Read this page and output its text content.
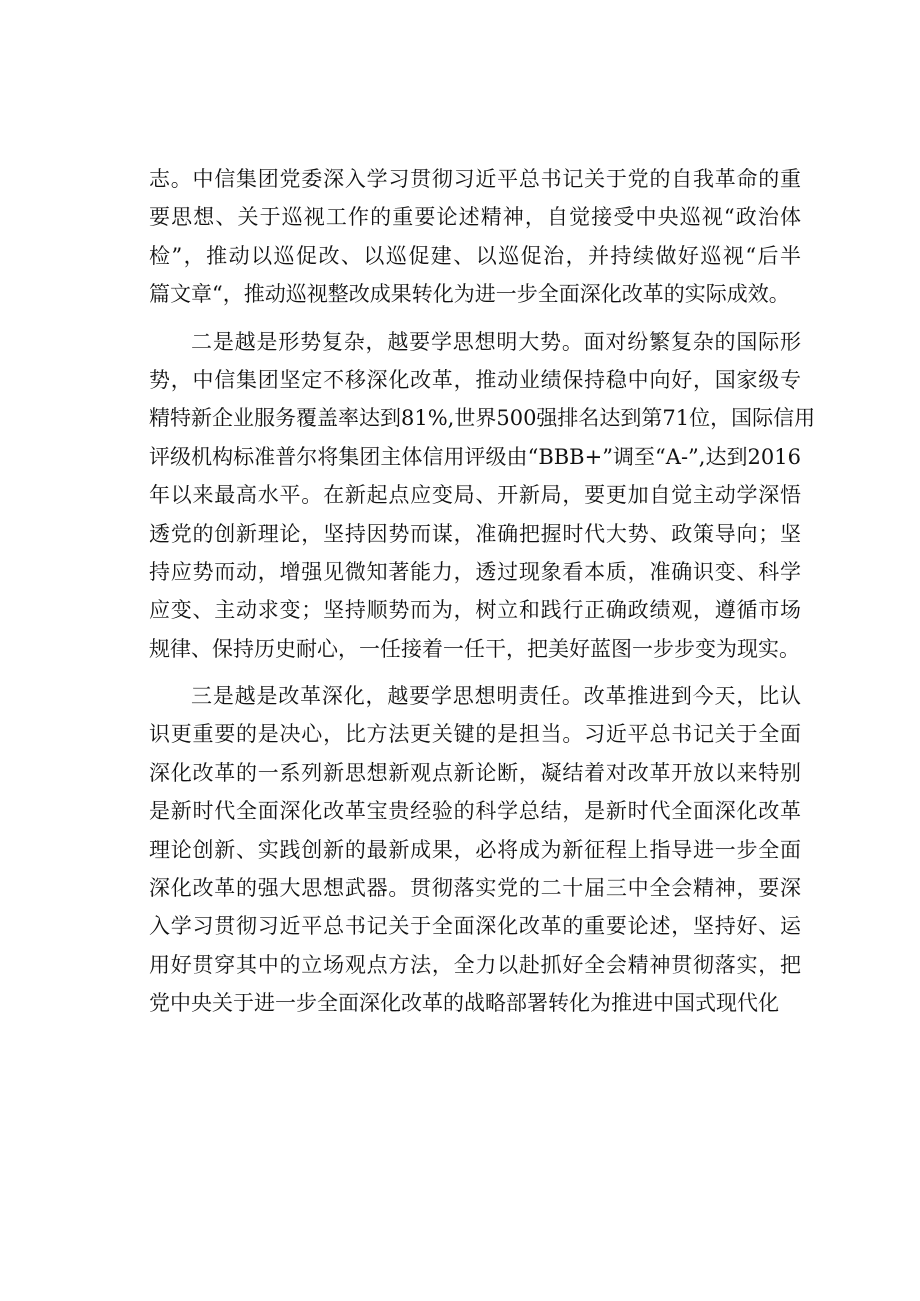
志。中信集团党委深入学习贯彻习近平总书记关于党的自我革命的重
要思想、关于巡视工作的重要论述精神，自觉接受中央巡视“政治体
检”，推动以巡促改、以巡促建、以巡促治，并持续做好巡视“后半
篇文章“，推动巡视整改成果转化为进一步全面深化改革的实际成效。
二是越是形势复杂，越要学思想明大势。面对纷繁复杂的国际形
势，中信集团坚定不移深化改革，推动业绩保持稳中向好，国家级专
精特新企业服务覆盖率达到81%,世界500强排名达到第71位，国际信用
评级机构标准普尔将集团主体信用评级由“BBB+”调至“A-”,达到2016
年以来最高水平。在新起点应变局、开新局，要更加自觉主动学深悟
透党的创新理论，坚持因势而谋，准确把握时代大势、政策导向；坚
持应势而动，增强见微知著能力，透过现象看本质，准确识变、科学
应变、主动求变；坚持顺势而为，树立和践行正确政绩观，遵循市场
规律、保持历史耐心，一任接着一任干，把美好蓝图一步步变为现实。
三是越是改革深化，越要学思想明责任。改革推进到今天，比认
识更重要的是决心，比方法更关键的是担当。习近平总书记关于全面
深化改革的一系列新思想新观点新论断，凝结着对改革开放以来特别
是新时代全面深化改革宝贵经验的科学总结，是新时代全面深化改革
理论创新、实践创新的最新成果，必将成为新征程上指导进一步全面
深化改革的强大思想武器。贯彻落实党的二十届三中全会精神，要深
入学习贯彻习近平总书记关于全面深化改革的重要论述，坚持好、运
用好贯穿其中的立场观点方法，全力以赴抓好全会精神贯彻落实，把
党中央关于进一步全面深化改革的战略部署转化为推进中国式现代化
